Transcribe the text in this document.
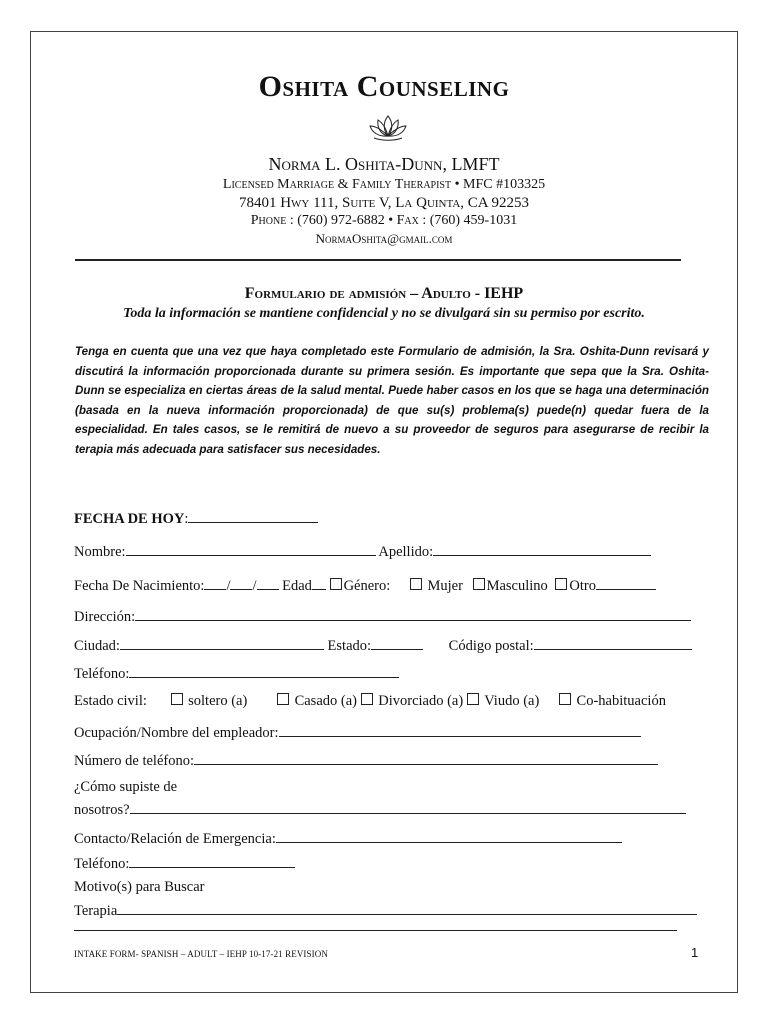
Oshita Counseling
Norma L. Oshita-Dunn, LMFT
Licensed Marriage & Family Therapist • MFC #103325
78401 Hwy 111, Suite V, La Quinta, CA 92253
Phone : (760) 972-6882 • Fax : (760) 459-1031
NormaOshita@gmail.com
Formulario de admisión – Adulto - IEHP
Toda la información se mantiene confidencial y no se divulgará sin su permiso por escrito.
Tenga en cuenta que una vez que haya completado este Formulario de admisión, la Sra. Oshita-Dunn revisará y discutirá la información proporcionada durante su primera sesión. Es importante que sepa que la Sra. Oshita-Dunn se especializa en ciertas áreas de la salud mental. Puede haber casos en los que se haga una determinación (basada en la nueva información proporcionada) de que su(s) problema(s) puede(n) quedar fuera de la especialidad. En tales casos, se le remitirá de nuevo a su proveedor de seguros para asegurarse de recibir la terapia más adecuada para satisfacer sus necesidades.
FECHA DE HOY:
Nombre:	Apellido:
Fecha De Nacimiento: / / Edad Género:	Mujer Masculino Otro
Dirección:
Ciudad:	Estado:	Código postal:
Teléfono:
Estado civil:	soltero (a)	Casado (a) Divorciado (a) Viudo (a)	Co-habituación
Ocupación/Nombre del empleador:
Número de teléfono:
¿Cómo supiste de
nosotros?
Contacto/Relación de Emergencia:
Teléfono:
Motivo(s) para Buscar
Terapia
INTAKE FORM- SPANISH – ADULT – IEHP 10-17-21 REVISION	1
